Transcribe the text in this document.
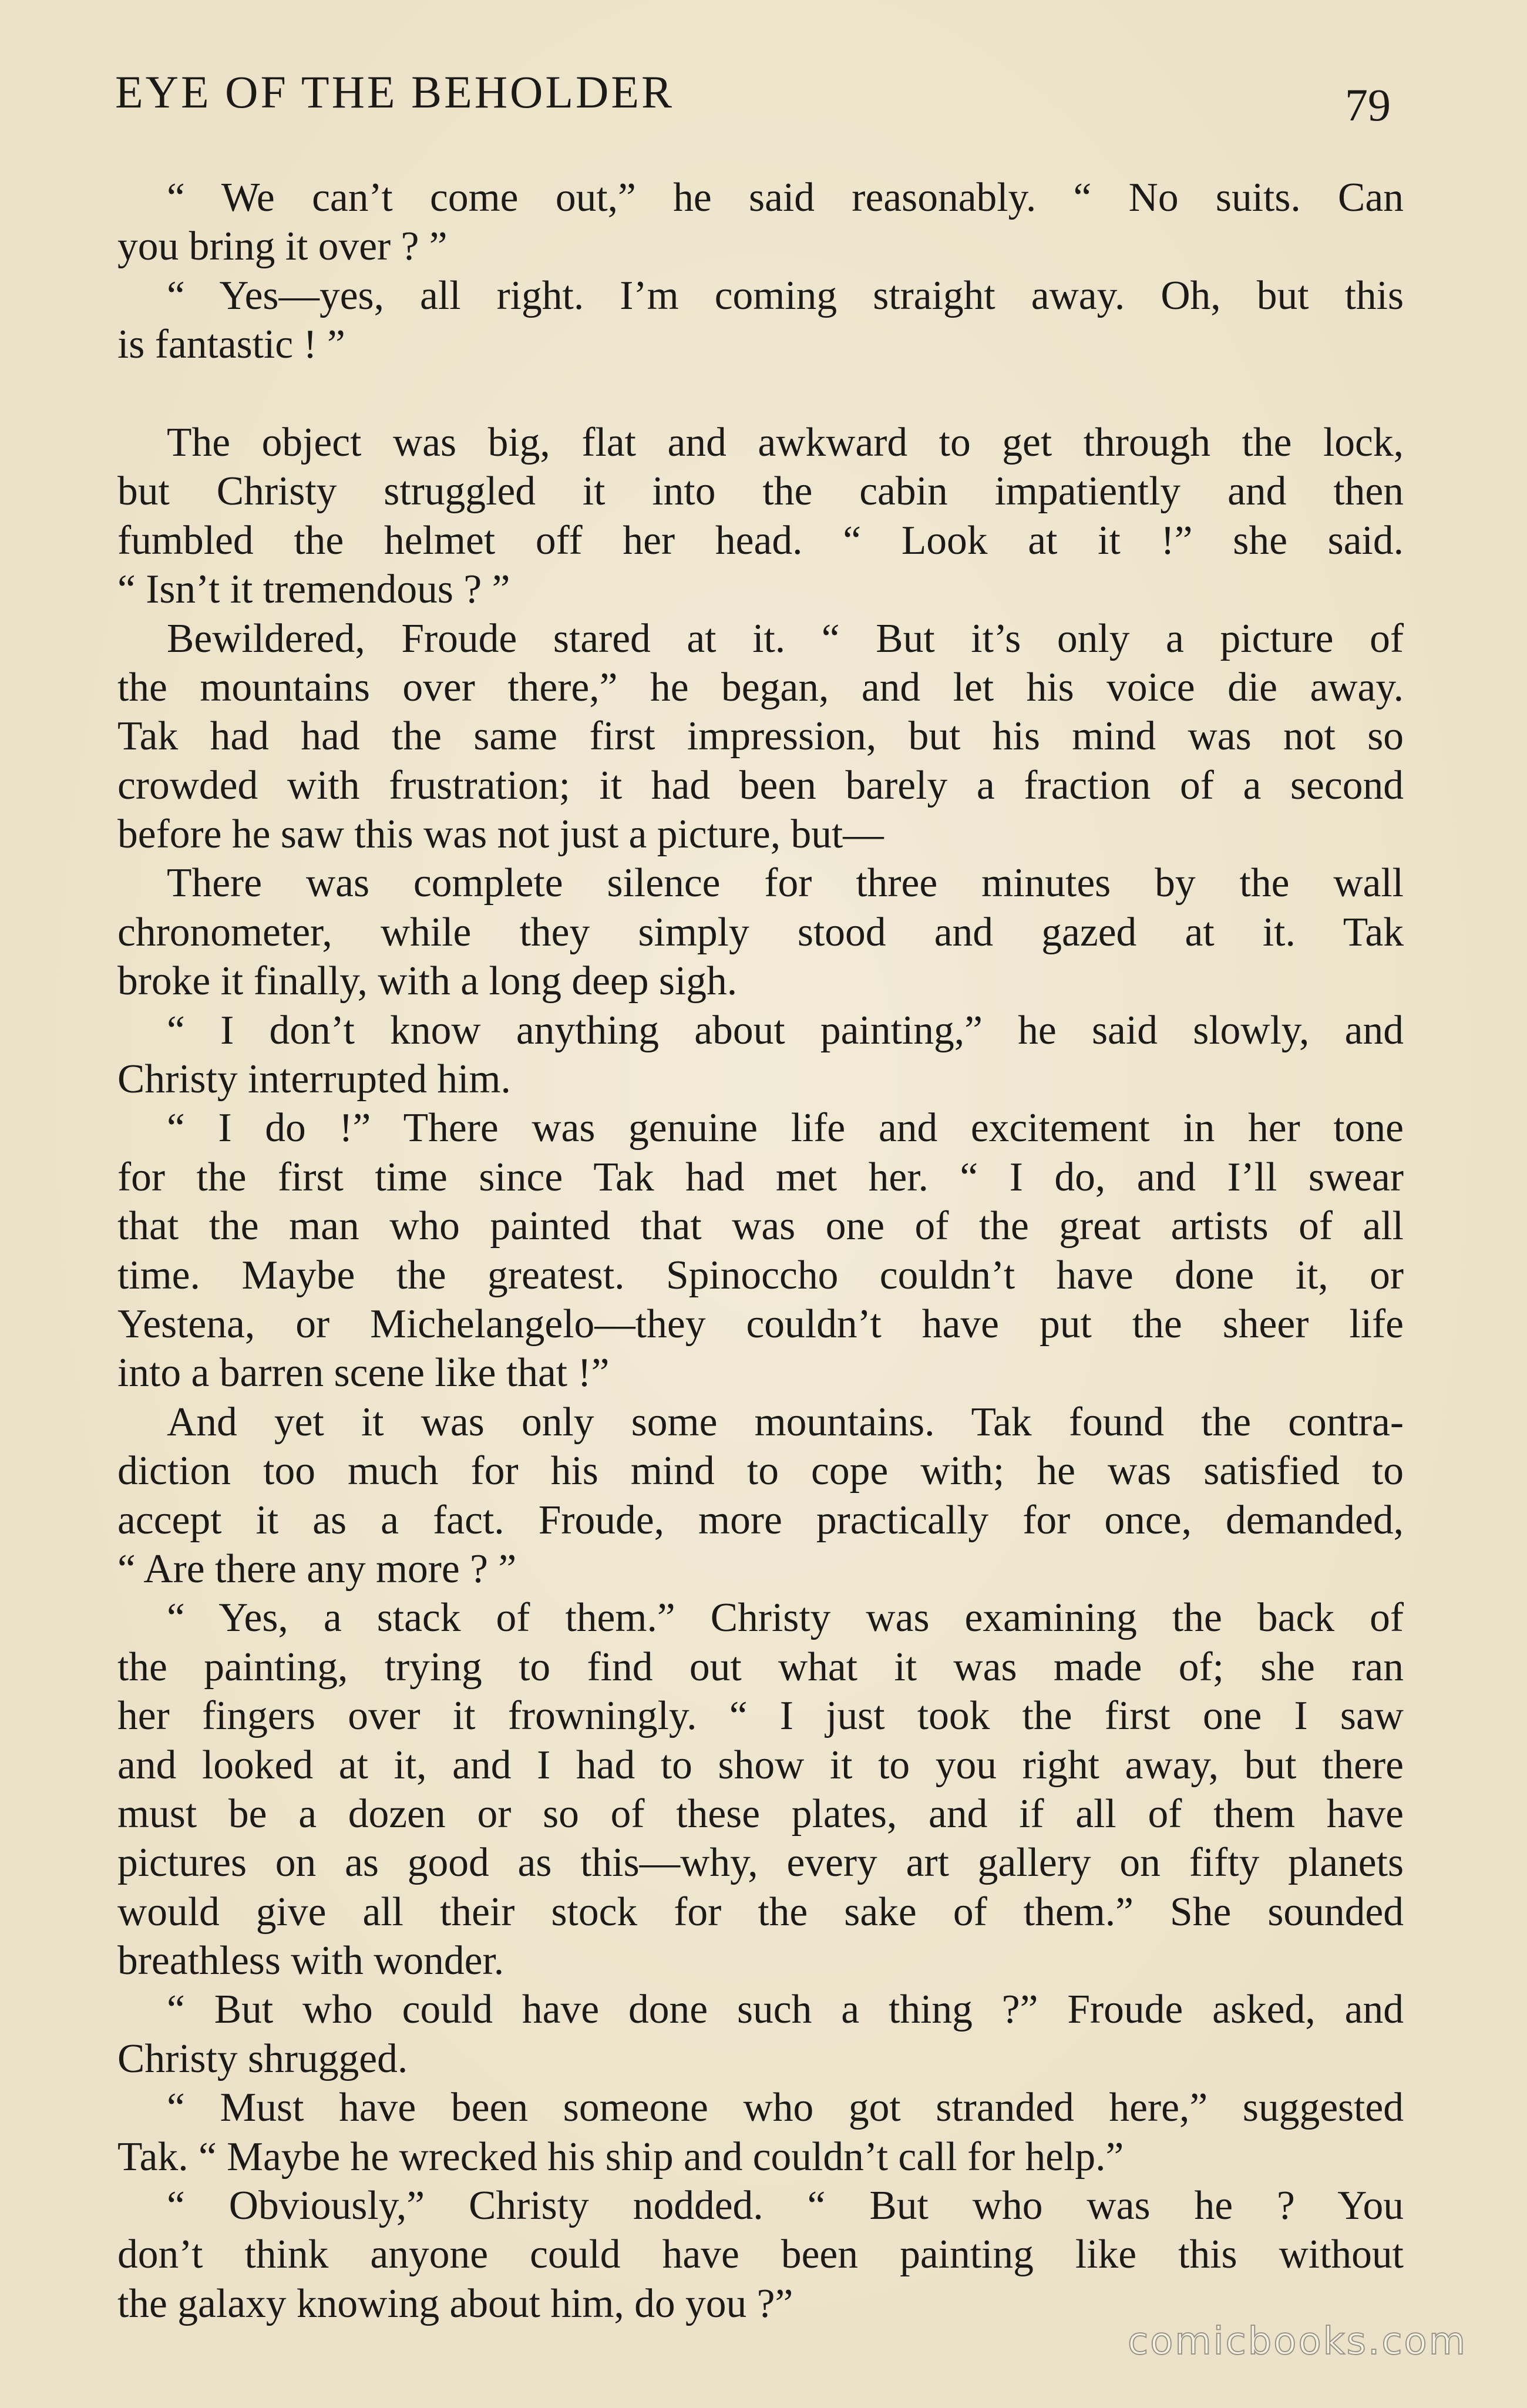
EYE OF THE BEHOLDER	79
“ We can’t come out,” he said reasonably. “ No suits. Can
you bring it over ? ”
“ Yes—yes, all right. I’m coming straight away. Oh, but this
is fantastic ! ”
The object was big, flat and awkward to get through the lock,
but Christy struggled it into the cabin impatiently and then
fumbled the helmet off her head. “ Look at it !” she said.
“ Isn’t it tremendous ? ”
Bewildered, Froude stared at it. “ But it’s only a picture of
the mountains over there,” he began, and let his voice die away.
Tak had had the same first impression, but his mind was not so
crowded with frustration; it had been barely a fraction of a second
before he saw this was not just a picture, but—
There was complete silence for three minutes by the wall
chronometer, while they simply stood and gazed at it. Tak
broke it finally, with a long deep sigh.
“ I don’t know anything about painting,” he said slowly, and
Christy interrupted him.
“ I do !” There was genuine life and excitement in her tone
for the first time since Tak had met her. “ I do, and I’ll swear
that the man who painted that was one of the great artists of all
time. Maybe the greatest. Spinoccho couldn’t have done it, or
Yestena, or Michelangelo—they couldn’t have put the sheer life
into a barren scene like that !”
And yet it was only some mountains. Tak found the contra-
diction too much for his mind to cope with; he was satisfied to
accept it as a fact. Froude, more practically for once, demanded,
“ Are there any more ? ”
“ Yes, a stack of them.” Christy was examining the back of
the painting, trying to find out what it was made of; she ran
her fingers over it frowningly. “ I just took the first one I saw
and looked at it, and I had to show it to you right away, but there
must be a dozen or so of these plates, and if all of them have
pictures on as good as this—why, every art gallery on fifty planets
would give all their stock for the sake of them.” She sounded
breathless with wonder.
“ But who could have done such a thing ?” Froude asked, and
Christy shrugged.
“ Must have been someone who got stranded here,” suggested
Tak. “ Maybe he wrecked his ship and couldn’t call for help.”
“ Obviously,” Christy nodded. “ But who was he ? You
don’t think anyone could have been painting like this without
the galaxy knowing about him, do you ?”
comicbooks.com
